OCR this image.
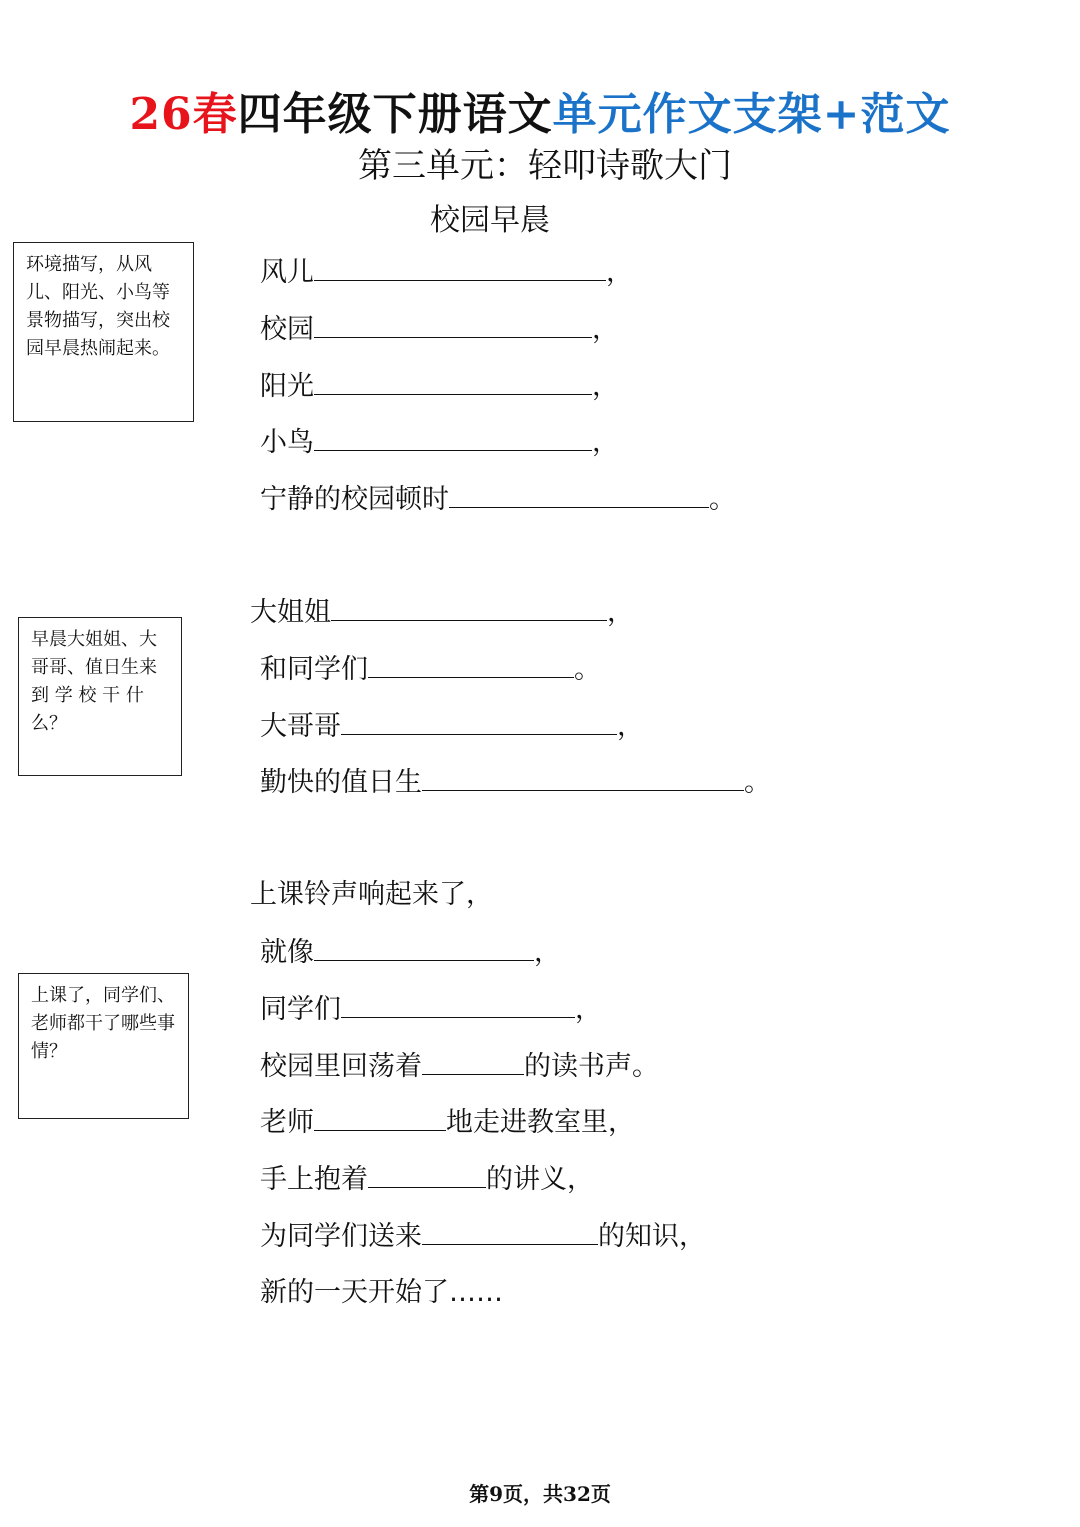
26春四年级下册语文单元作文支架+范文
第三单元：轻叩诗歌大门
校园早晨
环境描写，从风儿、阳光、小鸟等景物描写，突出校园早晨热闹起来。
早晨大姐姐、大哥哥、值日生来到 学 校 干 什么？
上课了，同学们、老师都干了哪些事情？
风儿	，
校园	，
阳光	，
小鸟	，
宁静的校园顿时	。
大姐姐	，
和同学们	。
大哥哥	，
勤快的值日生	。
上课铃声响起来了，
就像	，
同学们	，
校园里回荡着	的读书声。
老师	地走进教室里，
手上抱着	的讲义，
为同学们送来	的知识，
新的一天开始了……
第9页，共32页
